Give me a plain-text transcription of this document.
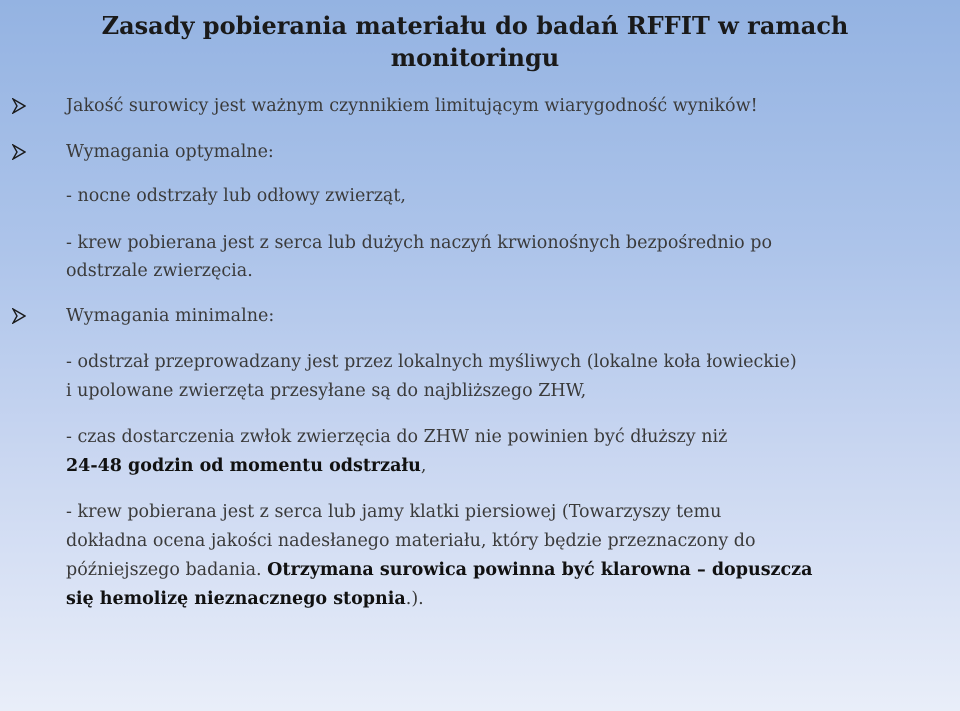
Zasady pobierania materiału do badań RFFIT w ramach
monitoringu
Jakość surowicy jest ważnym czynnikiem limitującym wiarygodność wyników!
Wymagania optymalne:
- nocne odstrzały lub odłowy zwierząt,
- krew pobierana jest z serca lub dużych naczyń krwionośnych bezpośrednio po
odstrzale zwierzęcia.
Wymagania minimalne:
- odstrzał przeprowadzany jest przez lokalnych myśliwych (lokalne koła łowieckie)
i upolowane zwierzęta przesyłane są do najbliższego ZHW,
- czas dostarczenia zwłok zwierzęcia do ZHW nie powinien być dłuższy niż
24-48 godzin od momentu odstrzału,
- krew pobierana jest z serca lub jamy klatki piersiowej (Towarzyszy temu
dokładna ocena jakości nadesłanego materiału, który będzie przeznaczony do
późniejszego badania. Otrzymana surowica powinna być klarowna – dopuszcza
się hemolizę nieznacznego stopnia.).
